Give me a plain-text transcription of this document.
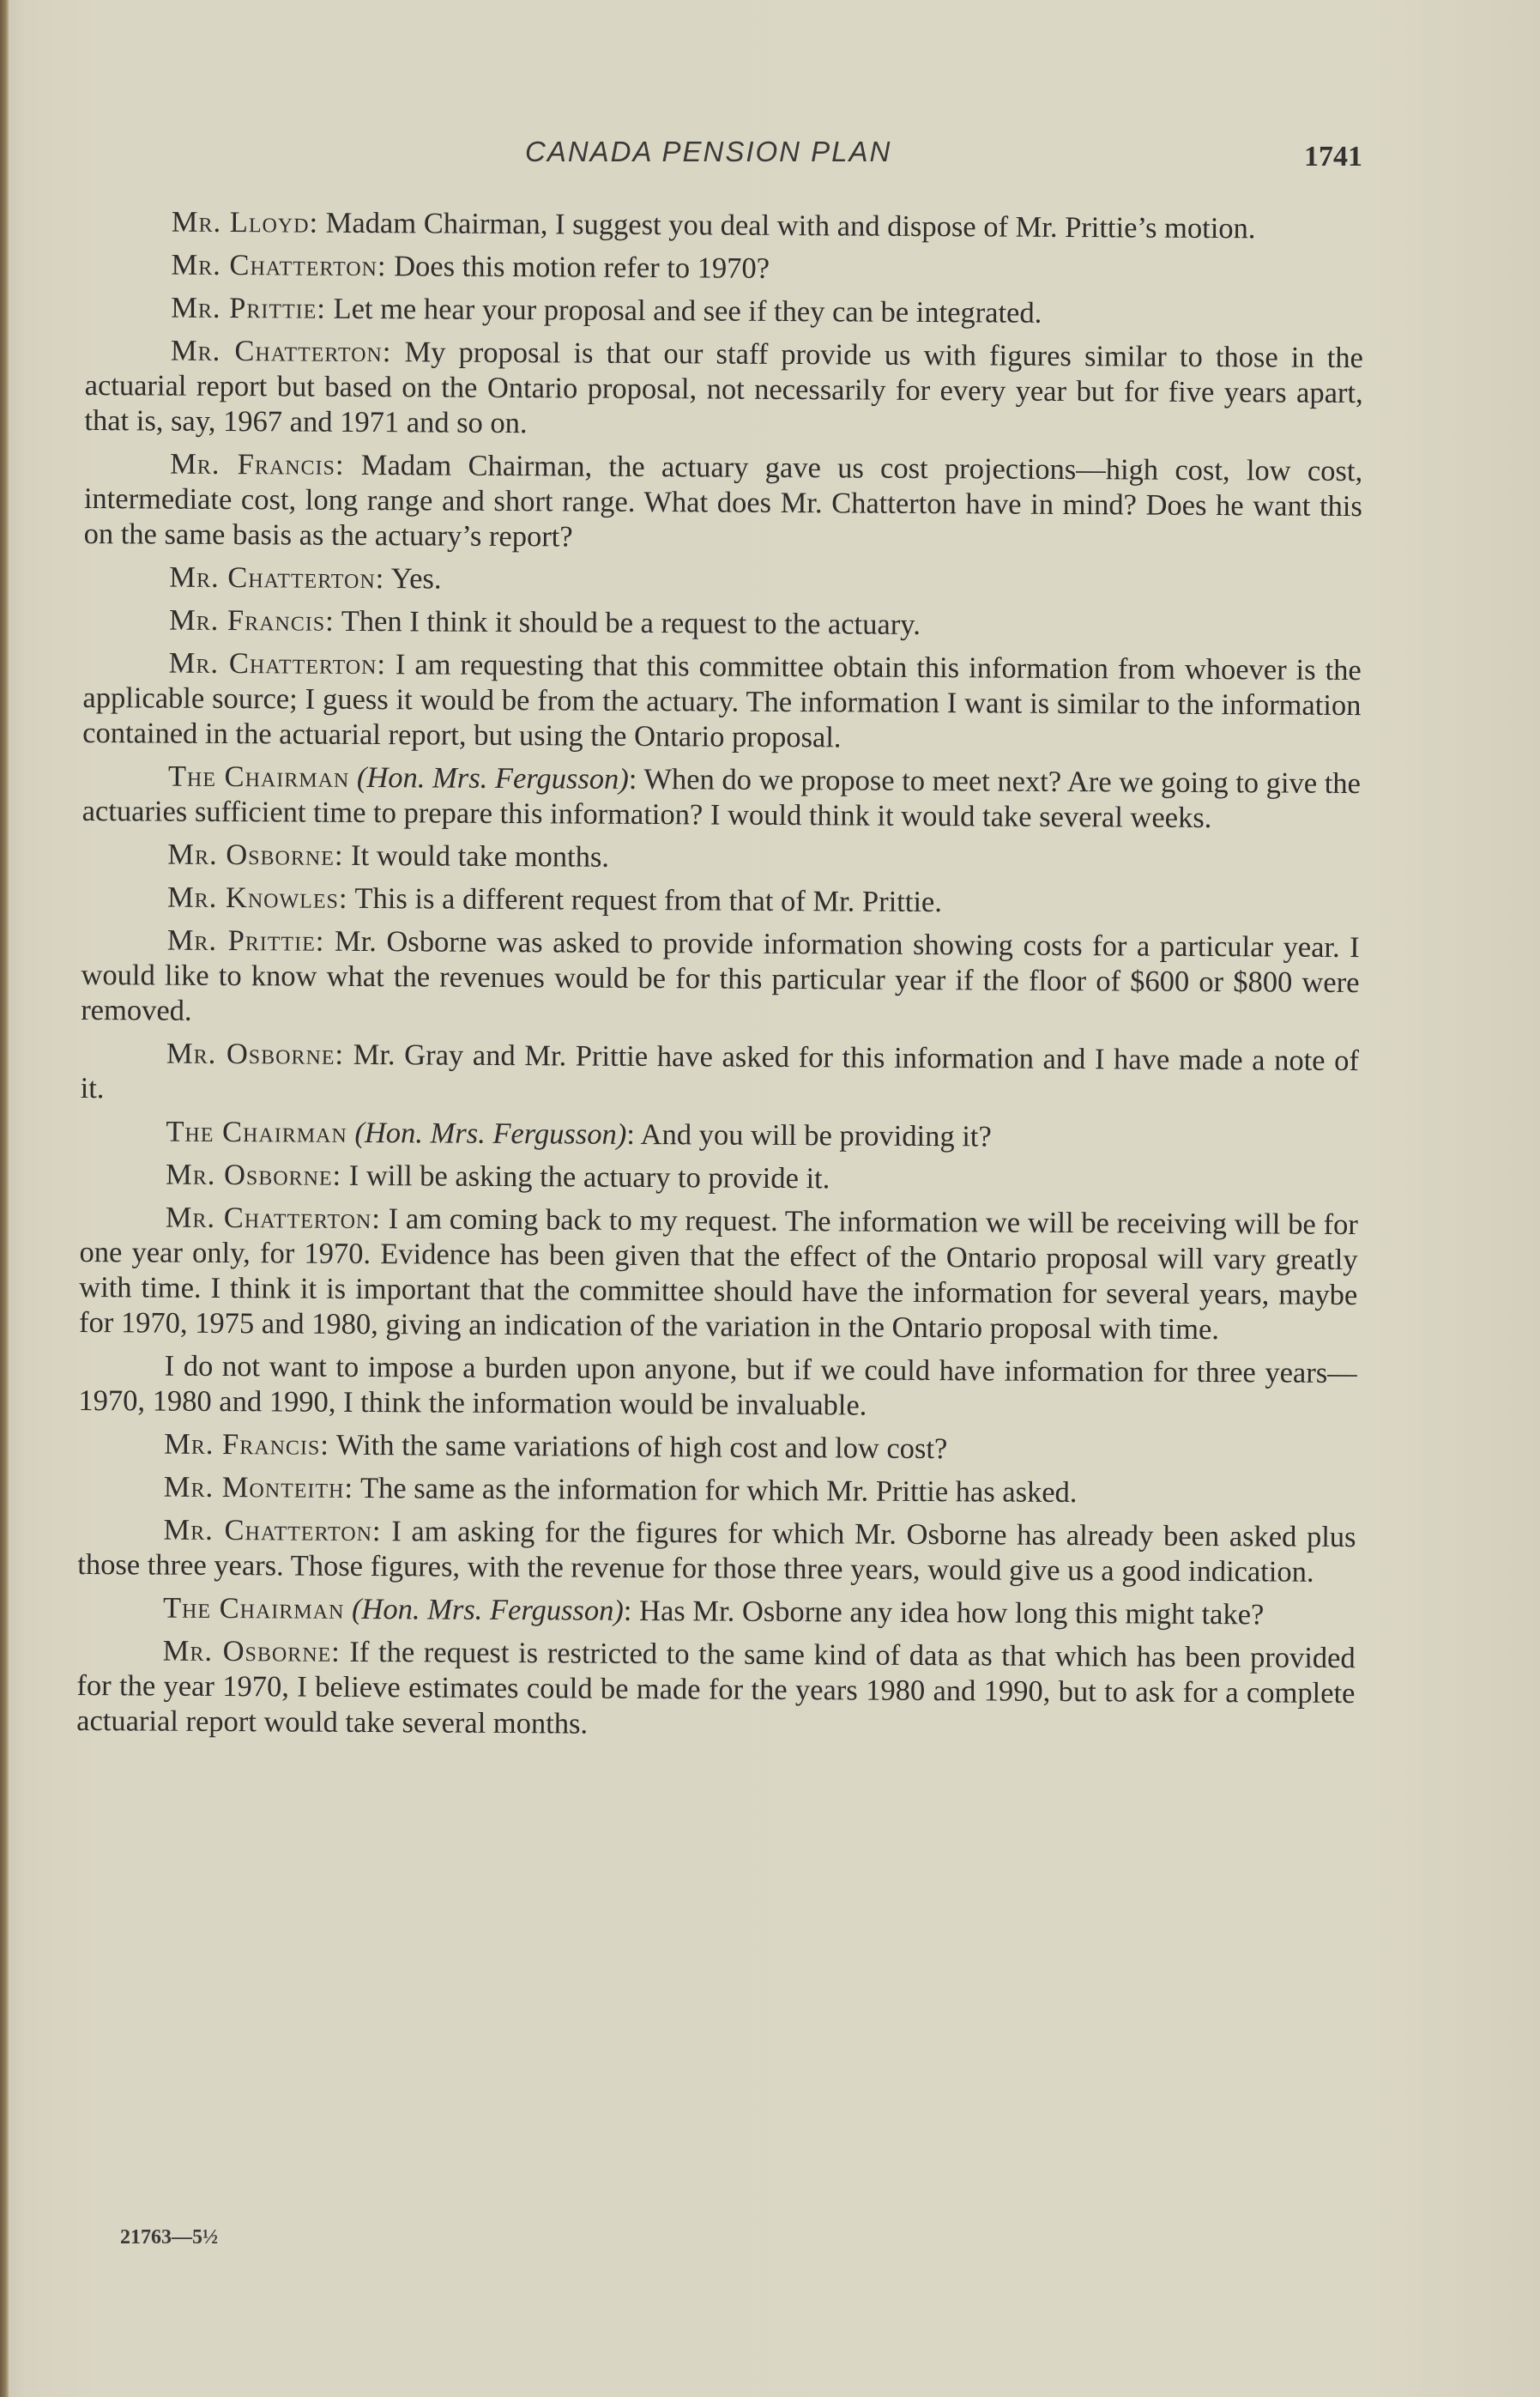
CANADA PENSION PLAN	1741

Mr. Lloyd: Madam Chairman, I suggest you deal with and dispose of Mr. Prittie’s motion.

Mr. Chatterton: Does this motion refer to 1970?

Mr. Prittie: Let me hear your proposal and see if they can be integrated.

Mr. Chatterton: My proposal is that our staff provide us with figures similar to those in the actuarial report but based on the Ontario proposal, not necessarily for every year but for five years apart, that is, say, 1967 and 1971 and so on.

Mr. Francis: Madam Chairman, the actuary gave us cost projections—high cost, low cost, intermediate cost, long range and short range. What does Mr. Chatterton have in mind? Does he want this on the same basis as the actuary’s report?

Mr. Chatterton: Yes.

Mr. Francis: Then I think it should be a request to the actuary.

Mr. Chatterton: I am requesting that this committee obtain this information from whoever is the applicable source; I guess it would be from the actuary. The information I want is similar to the information contained in the actuarial report, but using the Ontario proposal.

The Chairman (Hon. Mrs. Fergusson): When do we propose to meet next? Are we going to give the actuaries sufficient time to prepare this information? I would think it would take several weeks.

Mr. Osborne: It would take months.

Mr. Knowles: This is a different request from that of Mr. Prittie.

Mr. Prittie: Mr. Osborne was asked to provide information showing costs for a particular year. I would like to know what the revenues would be for this particular year if the floor of $600 or $800 were removed.

Mr. Osborne: Mr. Gray and Mr. Prittie have asked for this information and I have made a note of it.

The Chairman (Hon. Mrs. Fergusson): And you will be providing it?

Mr. Osborne: I will be asking the actuary to provide it.

Mr. Chatterton: I am coming back to my request. The information we will be receiving will be for one year only, for 1970. Evidence has been given that the effect of the Ontario proposal will vary greatly with time. I think it is important that the committee should have the information for several years, maybe for 1970, 1975 and 1980, giving an indication of the variation in the Ontario proposal with time.

I do not want to impose a burden upon anyone, but if we could have information for three years—1970, 1980 and 1990, I think the information would be invaluable.

Mr. Francis: With the same variations of high cost and low cost?

Mr. Monteith: The same as the information for which Mr. Prittie has asked.

Mr. Chatterton: I am asking for the figures for which Mr. Osborne has already been asked plus those three years. Those figures, with the revenue for those three years, would give us a good indication.

The Chairman (Hon. Mrs. Fergusson): Has Mr. Osborne any idea how long this might take?

Mr. Osborne: If the request is restricted to the same kind of data as that which has been provided for the year 1970, I believe estimates could be made for the years 1980 and 1990, but to ask for a complete actuarial report would take several months.

21763—5½
